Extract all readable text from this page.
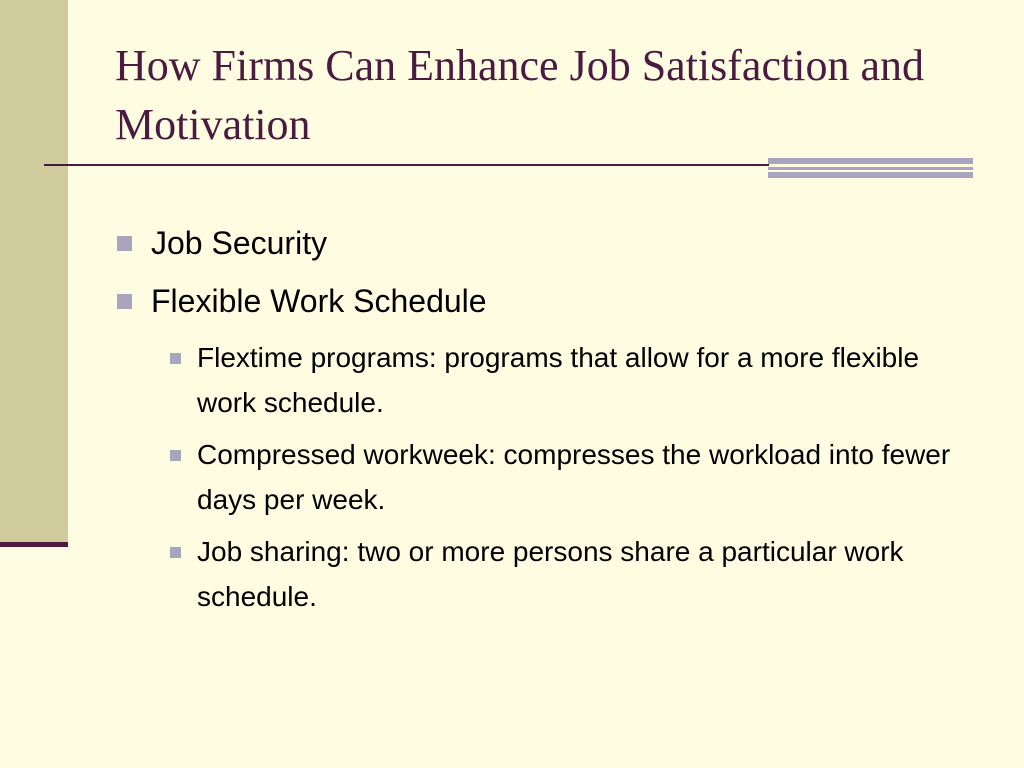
How Firms Can Enhance Job Satisfaction and Motivation
Job Security
Flexible Work Schedule
Flextime programs: programs that allow for a more flexible work schedule.
Compressed workweek: compresses the workload into fewer days per week.
Job sharing: two or more persons share a particular work schedule.
